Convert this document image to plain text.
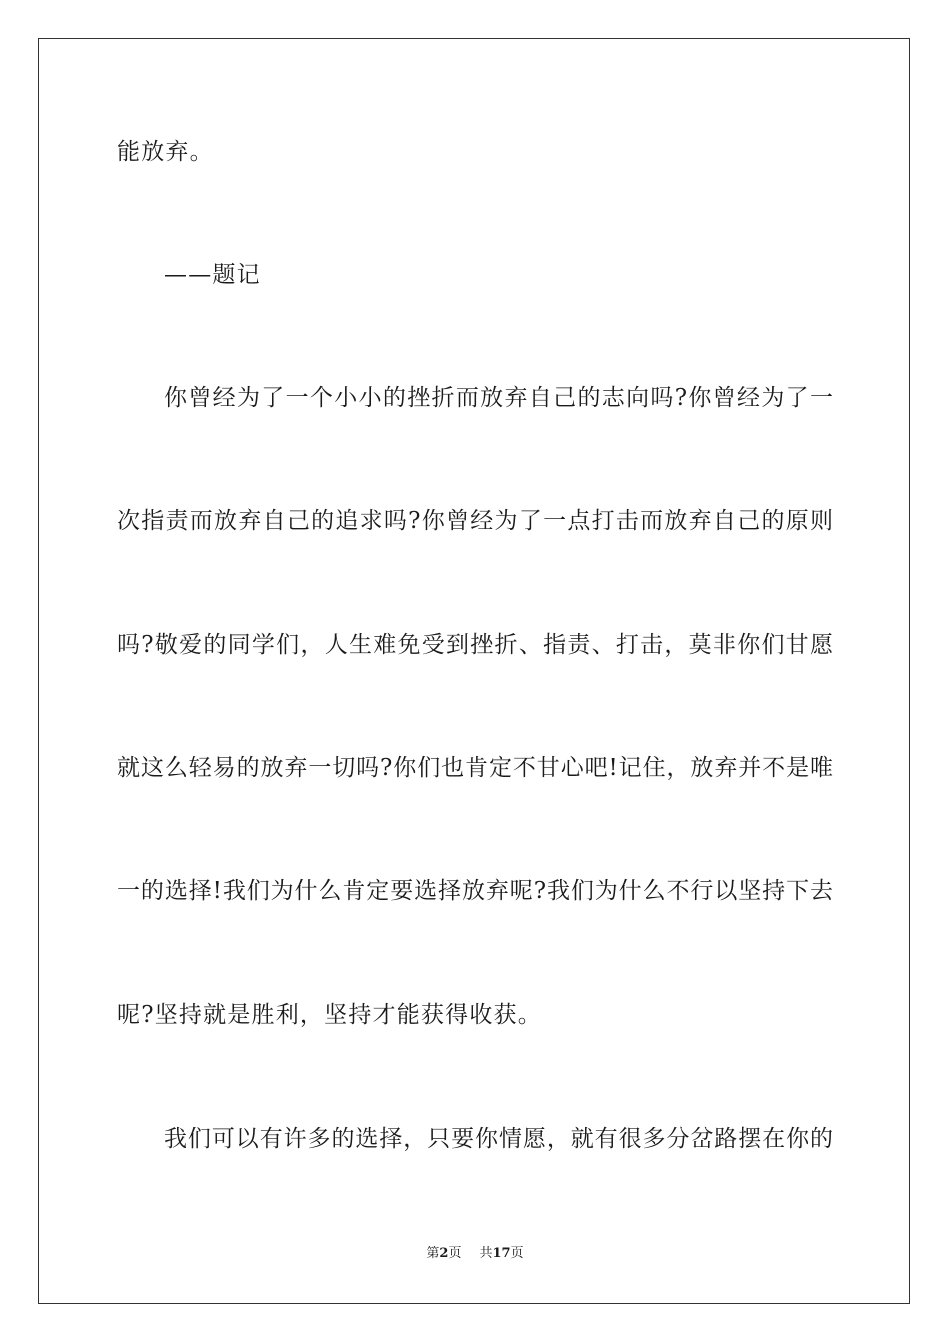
能放弃。
——题记
你曾经为了一个小小的挫折而放弃自己的志向吗?你曾经为了一
次指责而放弃自己的追求吗?你曾经为了一点打击而放弃自己的原则
吗?敬爱的同学们，人生难免受到挫折、指责、打击，莫非你们甘愿
就这么轻易的放弃一切吗?你们也肯定不甘心吧!记住，放弃并不是唯
一的选择!我们为什么肯定要选择放弃呢?我们为什么不行以坚持下去
呢?坚持就是胜利，坚持才能获得收获。
我们可以有许多的选择，只要你情愿，就有很多分岔路摆在你的
第2页 共17页
